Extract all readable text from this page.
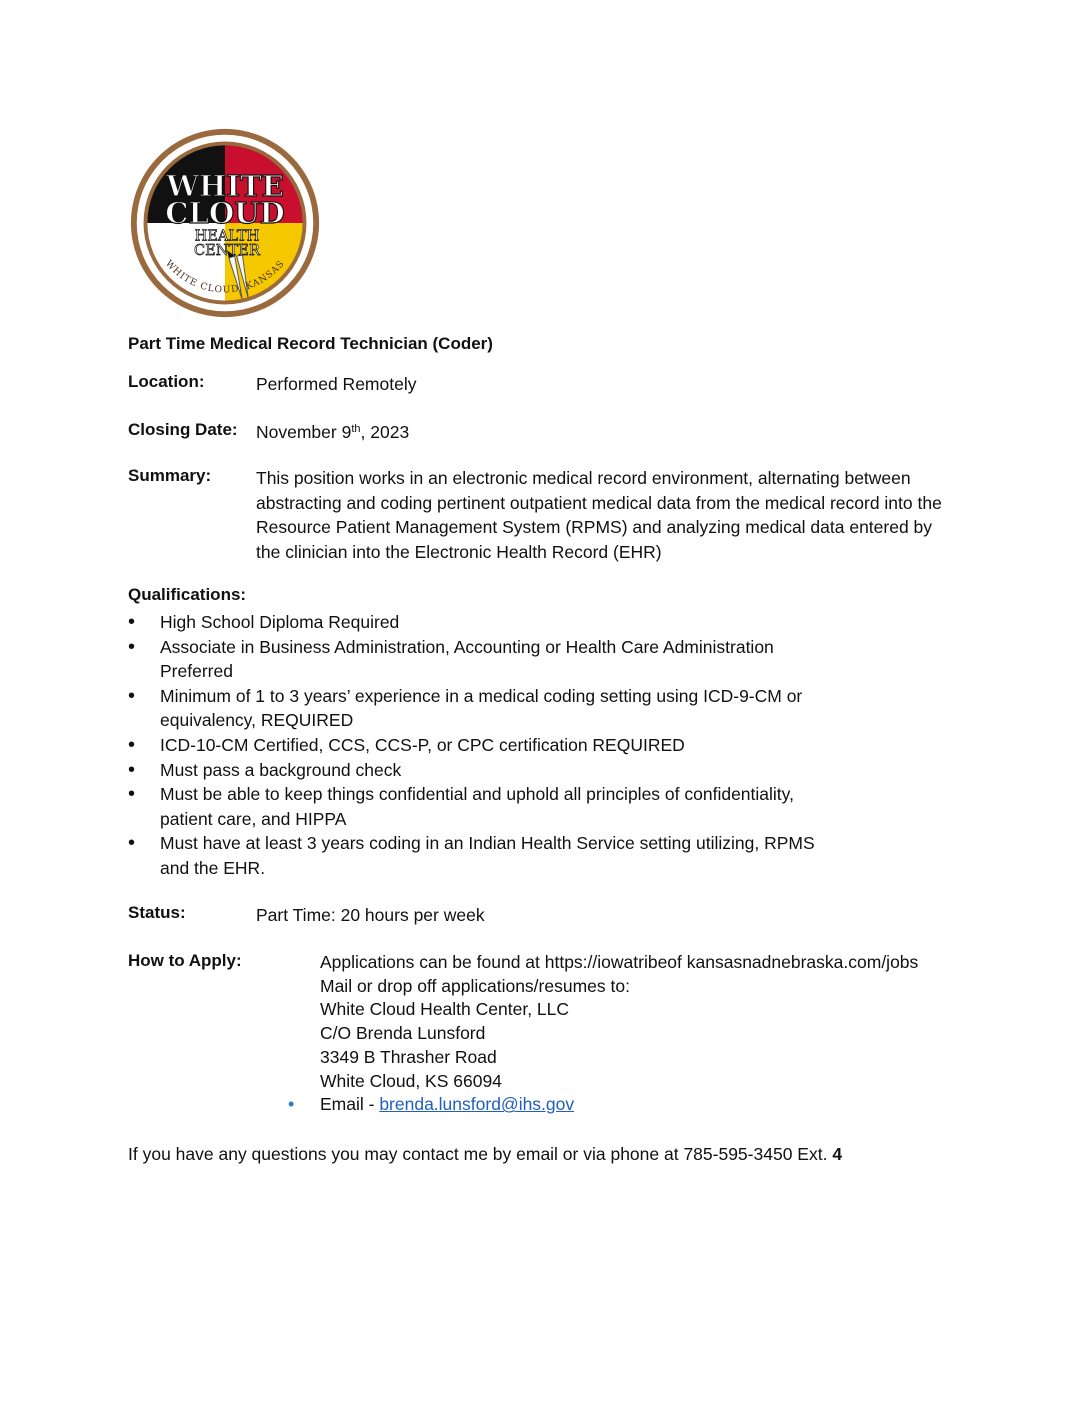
WHITE
CLOUD
HEALTH
CENTER
WHITE CLOUD, KANSAS
Part Time Medical Record Technician (Coder)
Location:	Performed Remotely
Closing Date: November 9th, 2023
Summary:	This position works in an electronic medical record environment, alternating between abstracting and coding pertinent outpatient medical data from the medical record into the Resource Patient Management System (RPMS) and analyzing medical data entered by the clinician into the Electronic Health Record (EHR)
Qualifications:
• High School Diploma Required
• Associate in Business Administration, Accounting or Health Care Administration Preferred
• Minimum of 1 to 3 years’ experience in a medical coding setting using ICD-9-CM or equivalency, REQUIRED
• ICD-10-CM Certified, CCS, CCS-P, or CPC certification REQUIRED
• Must pass a background check
• Must be able to keep things confidential and uphold all principles of confidentiality, patient care, and HIPPA
• Must have at least 3 years coding in an Indian Health Service setting utilizing, RPMS and the EHR.
Status:	Part Time: 20 hours per week
How to Apply:	Applications can be found at https://iowatribeof kansasnadnebraska.com/jobs
Mail or drop off applications/resumes to:
White Cloud Health Center, LLC
C/O Brenda Lunsford
3349 B Thrasher Road
White Cloud, KS 66094
• Email - brenda.lunsford@ihs.gov
If you have any questions you may contact me by email or via phone at 785-595-3450 Ext. 4
